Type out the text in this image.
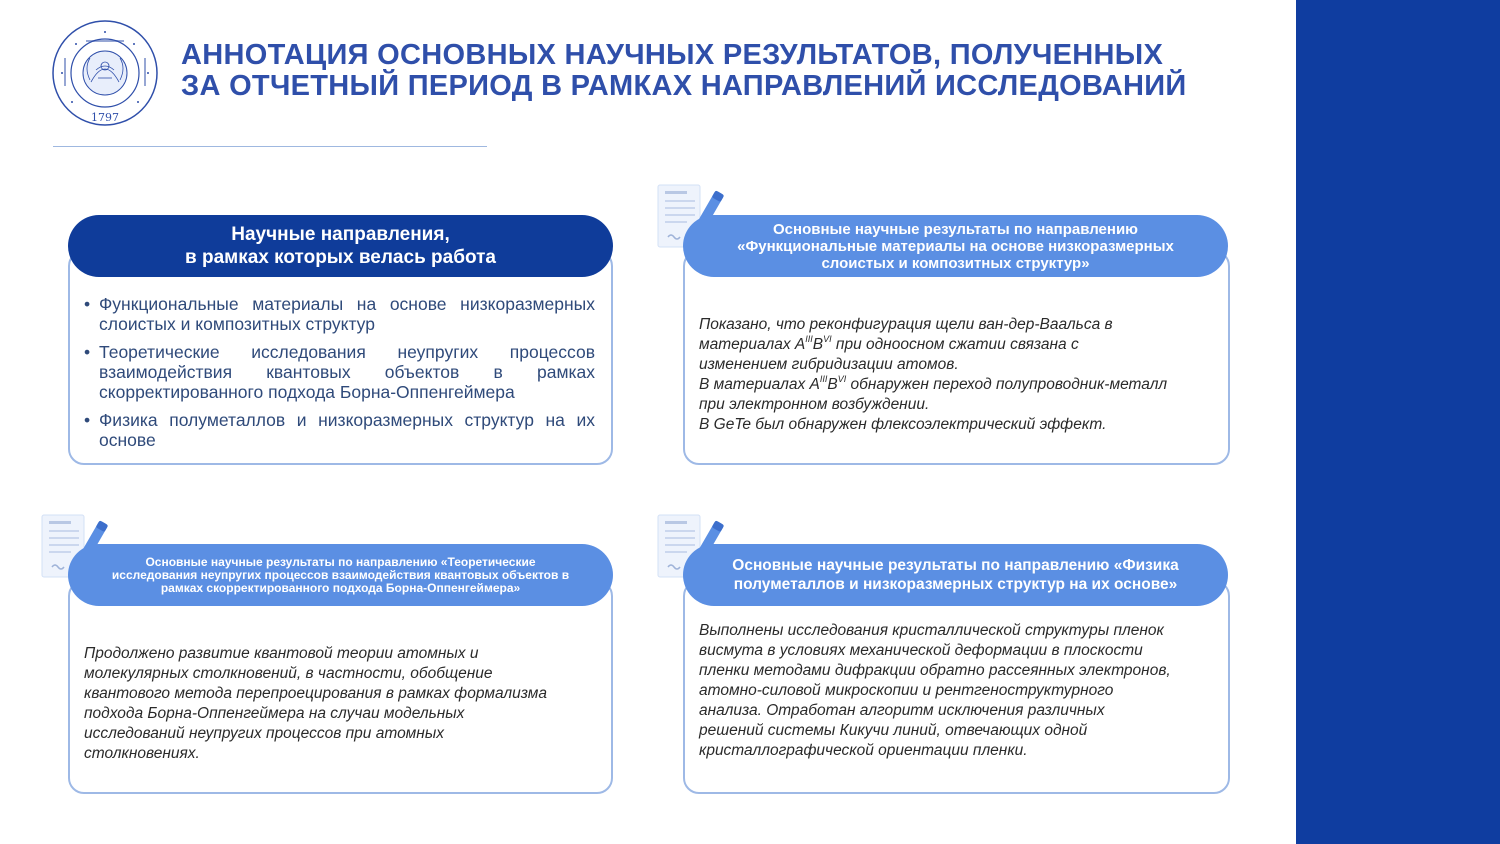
1797
АННОТАЦИЯ ОСНОВНЫХ НАУЧНЫХ РЕЗУЛЬТАТОВ, ПОЛУЧЕННЫХ
ЗА ОТЧЕТНЫЙ ПЕРИОД В РАМКАХ НАПРАВЛЕНИЙ ИССЛЕДОВАНИЙ
Научные направления,
в рамках которых велась работа
• Функциональные материалы на основе низкоразмерных слоистых и композитных структур
• Теоретические исследования неупругих процессов взаимодействия квантовых объектов в рамках скорректированного подхода Борна-Оппенгеймера
• Физика полуметаллов и низкоразмерных структур на их основе
Основные научные результаты по направлению
«Функциональные материалы на основе низкоразмерных
слоистых и композитных структур»
Показано, что реконфигурация щели ван-дер-Ваальса в
материалах $A^{III}B^{VI}$ при одноосном сжатии связана с
изменением гибридизации атомов.
В материалах $A^{III}B^{VI}$ обнаружен переход полупроводник-металл
при электронном возбуждении.
В GeTe был обнаружен флексоэлектрический эффект.
Основные научные результаты по направлению «Теоретические
исследования неупругих процессов взаимодействия квантовых объектов в
рамках скорректированного подхода Борна-Оппенгеймера»
Продолжено развитие квантовой теории атомных и
молекулярных столкновений, в частности, обобщение
квантового метода перепроецирования в рамках формализма
подхода Борна-Оппенгеймера на случаи модельных
исследований неупругих процессов при атомных
столкновениях.
Основные научные результаты по направлению «Физика
полуметаллов и низкоразмерных структур на их основе»
Выполнены исследования кристаллической структуры пленок
висмута в условиях механической деформации в плоскости
пленки методами дифракции обратно рассеянных электронов,
атомно-силовой микроскопии и рентгеноструктурного
анализа. Отработан алгоритм исключения различных
решений системы Кикучи линий, отвечающих одной
кристаллографической ориентации пленки.
